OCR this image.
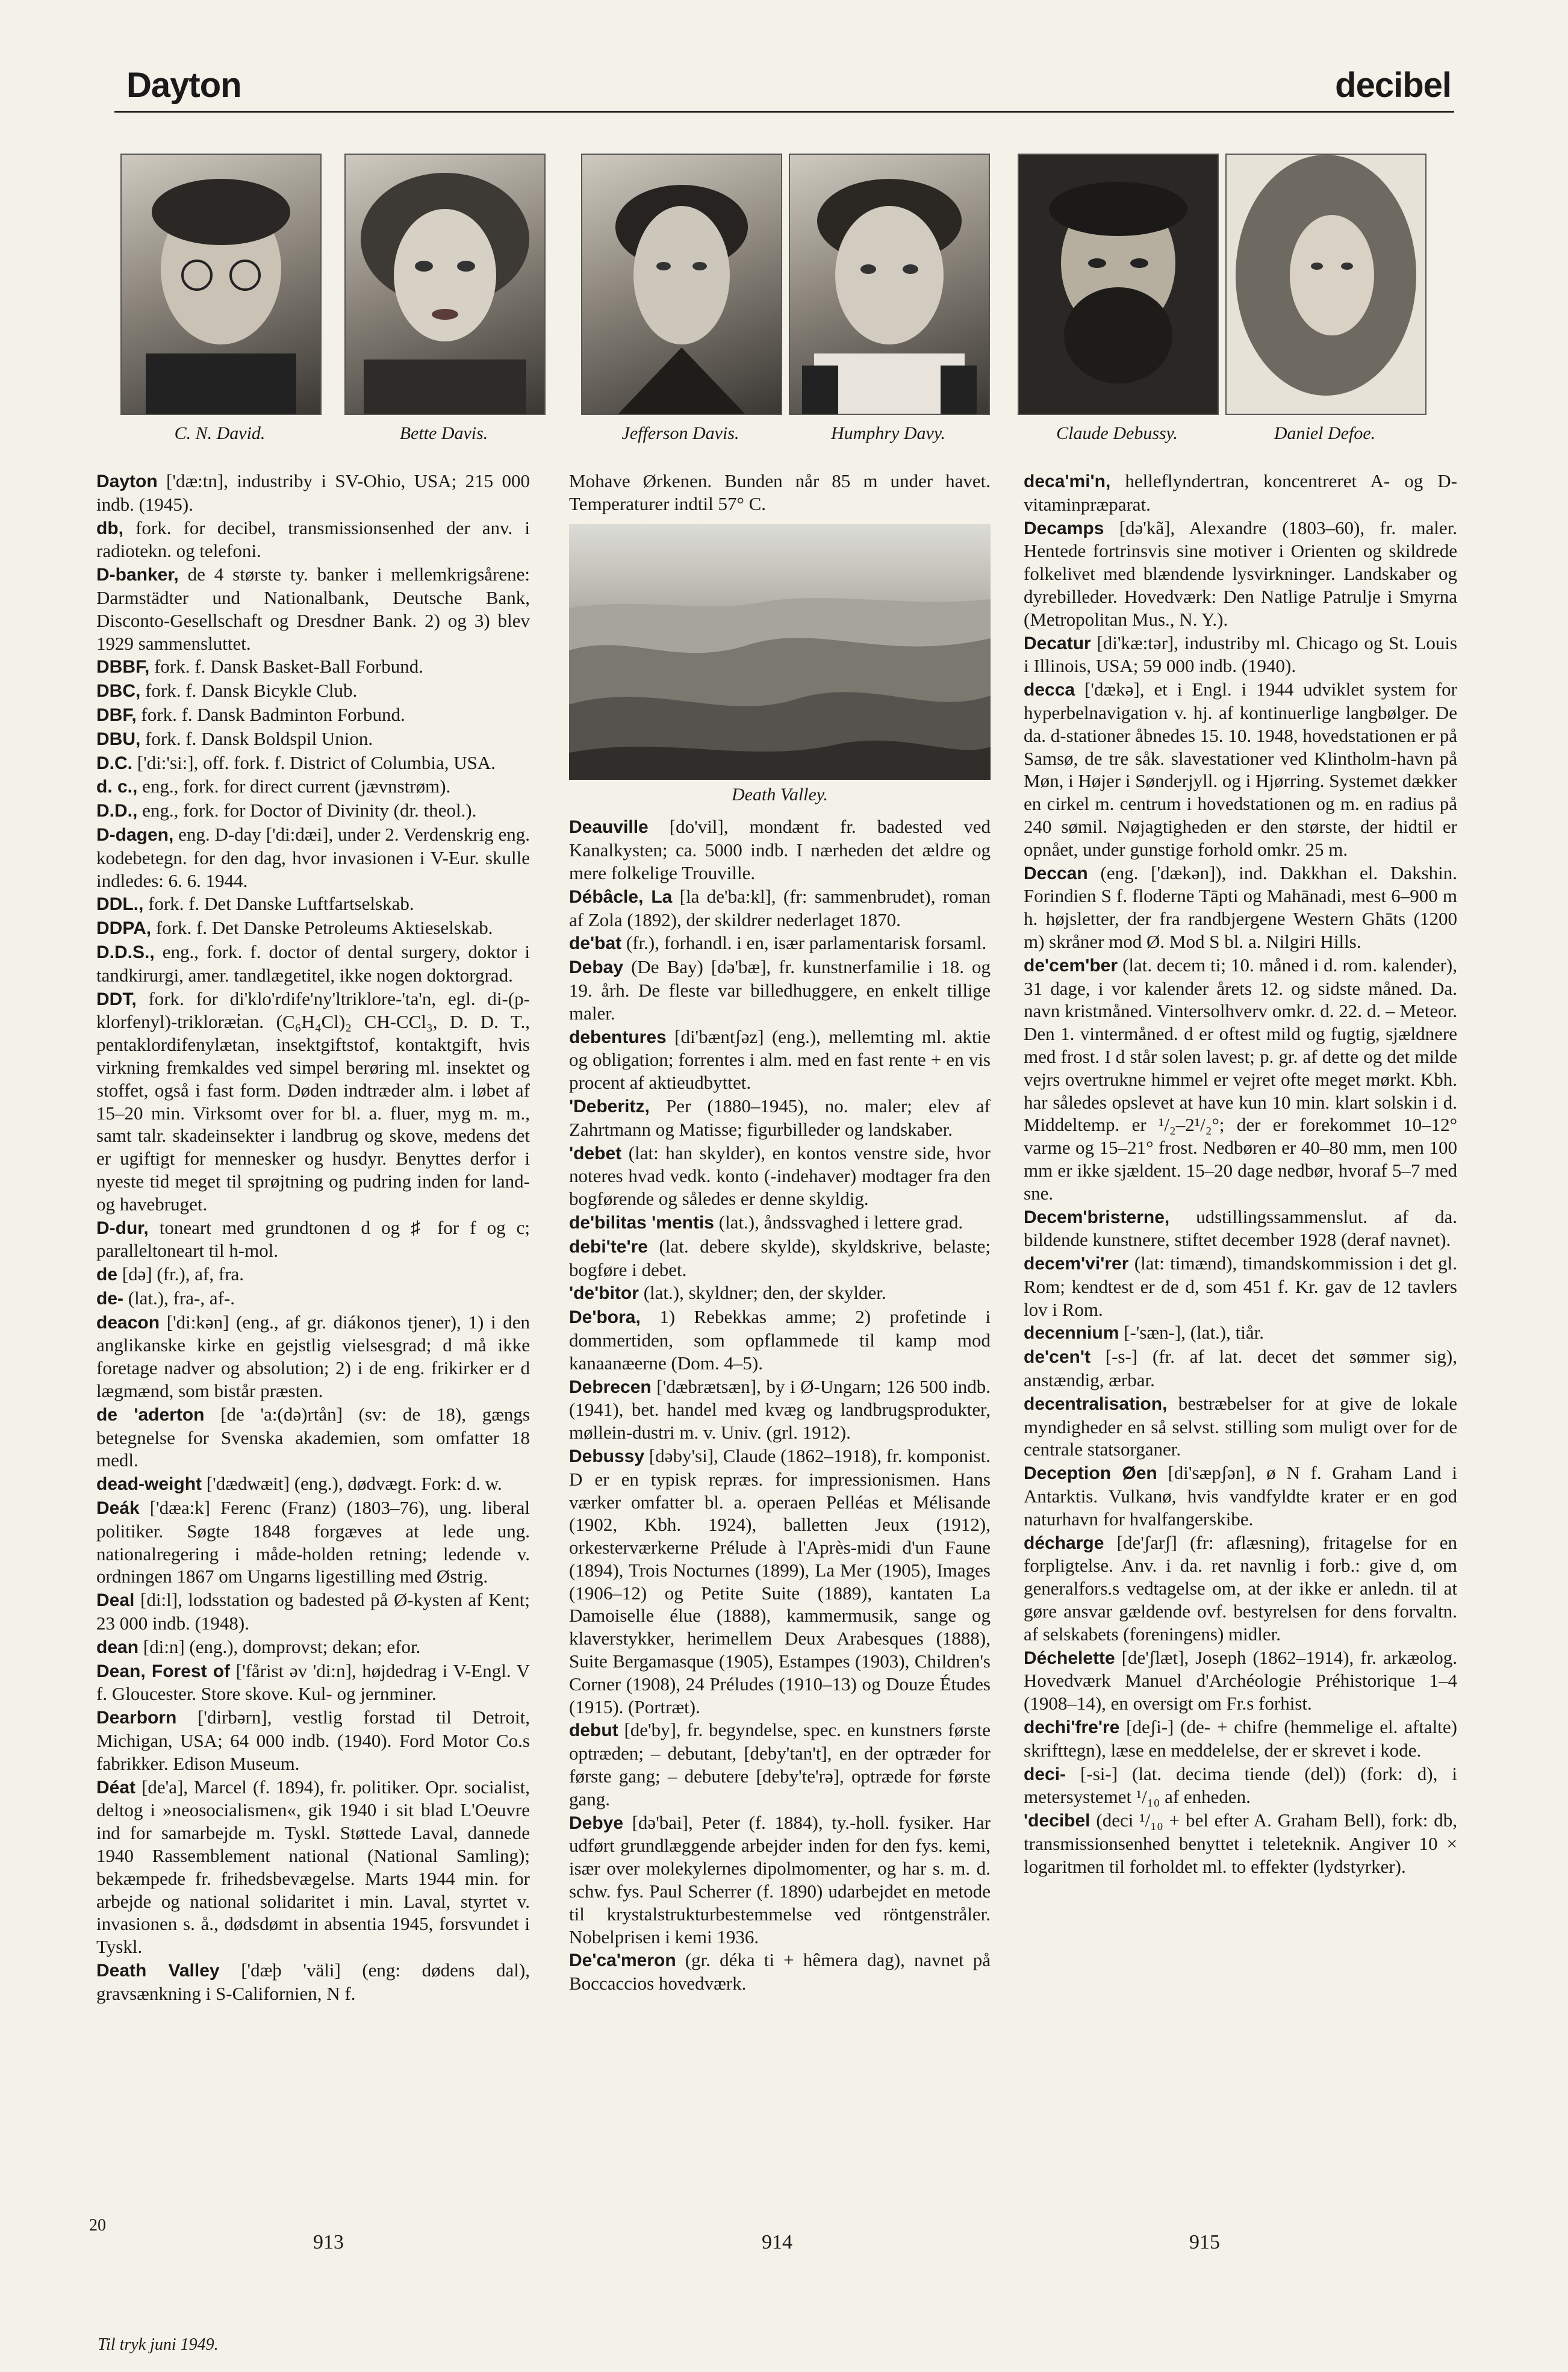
Dayton	decibel
C. N. David.	Bette Davis.	Jefferson Davis.	Humphry Davy.	Claude Debussy.	Daniel Defoe.
Dayton ['dæ:tn], industriby i SV-Ohio, USA; 215 000 indb. (1945).
db, fork. for decibel, transmissionsenhed der anv. i radiotekn. og telefoni.
D-banker, de 4 største ty. banker i mellemkrigsårene: Darmstädter und Nationalbank, Deutsche Bank, Disconto-Gesellschaft og Dresdner Bank. 2) og 3) blev 1929 sammensluttet.
DBBF, fork. f. Dansk Basket-Ball Forbund.
DBC, fork. f. Dansk Bicykle Club.
DBF, fork. f. Dansk Badminton Forbund.
DBU, fork. f. Dansk Boldspil Union.
D.C. ['di:'si:], off. fork. f. District of Columbia, USA.
d. c., eng., fork. for direct current (jævnstrøm).
D.D., eng., fork. for Doctor of Divinity (dr. theol.).
D-dagen, eng. D-day ['di:dæi], under 2. Verdenskrig eng. kodebetegn. for den dag, hvor invasionen i V-Eur. skulle indledes: 6. 6. 1944.
DDL., fork. f. Det Danske Luftfartselskab.
DDPA, fork. f. Det Danske Petroleums Aktieselskab.
D.D.S., eng., fork. f. doctor of dental surgery, doktor i tandkirurgi, amer. tandlægetitel, ikke nogen doktorgrad.
DDT, fork. for di'klo'rdife'ny'ltriklore-'ta'n, egl. di-(p-klorfenyl)-trikloræṫan. (C₆H₄Cl)₂ CH-CCl₃, D. D. T., pentaklordifenylætan, insektgiftstof, kontaktgift, hvis virkning fremkaldes ved simpel berøring ml. insektet og stoffet, også i fast form. Døden indtræder alm. i løbet af 15–20 min. Virksomt over for bl. a. fluer, myg m. m., samt talr. skadeinsekter i landbrug og skove, medens det er ugiftigt for mennesker og husdyr. Benyttes derfor i nyeste tid meget til sprøjtning og pudring inden for land- og havebruget.
D-dur, toneart med grundtonen d og ♯ for f og c; paralleltoneart til h-mol.
de [də] (fr.), af, fra.
de- (lat.), fra-, af-.
deacon ['di:kən] (eng., af gr. diákonos tjener), 1) i den anglikanske kirke en gejstlig vielsesgrad; d må ikke foretage nadver og absolution; 2) i de eng. frikirker er d lægmænd, som bistår præsten.
de 'aderton [de 'a:(də)rtån] (sv: de 18), gængs betegnelse for Svenska akademien, som omfatter 18 medl.
dead-weight ['dædwæit] (eng.), dødvægt. Fork: d. w.
Deák ['dæa:k] Ferenc (Franz) (1803–76), ung. liberal politiker. Søgte 1848 forgæves at lede ung. nationalregering i måde-holden retning; ledende v. ordningen 1867 om Ungarns ligestilling med Østrig.
Deal [di:l], lodsstation og badested på Ø-kysten af Kent; 23 000 indb. (1948).
dean [di:n] (eng.), domprovst; dekan; efor.
Dean, Forest of ['fårist əv 'di:n], højdedrag i V-Engl. V f. Gloucester. Store skove. Kul- og jernminer.
Dearborn ['dirbərn], vestlig forstad til Detroit, Michigan, USA; 64 000 indb. (1940). Ford Motor Co.s fabrikker. Edison Museum.
Déat [de'a], Marcel (f. 1894), fr. politiker. Opr. socialist, deltog i »neosocialismen«, gik 1940 i sit blad L'Oeuvre ind for samarbejde m. Tyskl. Støttede Laval, dannede 1940 Rassemblement national (National Samling); bekæmpede fr. frihedsbevægelse. Marts 1944 min. for arbejde og national solidaritet i min. Laval, styrtet v. invasionen s. å., dødsdømt in absentia 1945, forsvundet i Tyskl.
Death Valley ['dæþ 'väli] (eng: dødens dal), gravsænkning i S-Californien, N f.
Mohave Ørkenen. Bunden når 85 m under havet. Temperaturer indtil 57° C.
Death Valley.
Deauville [do'vil], mondænt fr. badested ved Kanalkysten; ca. 5000 indb. I nærheden det ældre og mere folkelige Trouville.
Débâcle, La [la de'ba:kl], (fr: sammenbrudet), roman af Zola (1892), der skildrer nederlaget 1870.
de'bat (fr.), forhandl. i en, især parlamentarisk forsaml.
Debay (De Bay) [də'bæ], fr. kunstnerfamilie i 18. og 19. årh. De fleste var billedhuggere, en enkelt tillige maler.
debentures [di'bæntʃəz] (eng.), mellemting ml. aktie og obligation; forrentes i alm. med en fast rente + en vis procent af aktieudbyttet.
'Deberitz, Per (1880–1945), no. maler; elev af Zahrtmann og Matisse; figurbilleder og landskaber.
'debet (lat: han skylder), en kontos venstre side, hvor noteres hvad vedk. konto (-indehaver) modtager fra den bogførende og således er denne skyldig.
de'bilitas 'mentis (lat.), åndssvaghed i lettere grad.
debi'te're (lat. debere skylde), skyldskrive, belaste; bogføre i debet.
'de'bitor (lat.), skyldner; den, der skylder.
De'bora, 1) Rebekkas amme; 2) profetinde i dommertiden, som opflammede til kamp mod kanaanæerne (Dom. 4–5).
Debrecen ['dæbrætsæn], by i Ø-Ungarn; 126 500 indb. (1941), bet. handel med kvæg og landbrugsprodukter, møllein-dustri m. v. Univ. (grl. 1912).
Debussy [dəby'si], Claude (1862–1918), fr. komponist. D er en typisk repræs. for impressionismen. Hans værker omfatter bl. a. operaen Pelléas et Mélisande (1902, Kbh. 1924), balletten Jeux (1912), orkesterværkerne Prélude à l'Après-midi d'un Faune (1894), Trois Nocturnes (1899), La Mer (1905), Images (1906–12) og Petite Suite (1889), kantaten La Damoiselle élue (1888), kammermusik, sange og klaverstykker, herimellem Deux Arabesques (1888), Suite Bergamasque (1905), Estampes (1903), Children's Corner (1908), 24 Préludes (1910–13) og Douze Études (1915). (Portræt).
debut [de'by], fr. begyndelse, spec. en kunstners første optræden; – debutant, [deby'tan't], en der optræder for første gang; – debutere [deby'te'rə], optræde for første gang.
Debye [də'bai], Peter (f. 1884), ty.-holl. fysiker. Har udført grundlæggende arbejder inden for den fys. kemi, især over molekylernes dipolmomenter, og har s. m. d. schw. fys. Paul Scherrer (f. 1890) udarbejdet en metode til krystalstrukturbestemmelse ved röntgenstråler. Nobelprisen i kemi 1936.
De'ca'meron (gr. déka ti + hêmera dag), navnet på Boccaccios hovedværk.
deca'mi'n, helleflyndertran, koncentreret A- og D-vitaminpræparat.
Decamps [də'kã], Alexandre (1803–60), fr. maler. Hentede fortrinsvis sine motiver i Orienten og skildrede folkelivet med blændende lysvirkninger. Landskaber og dyrebilleder. Hovedværk: Den Natlige Patrulje i Smyrna (Metropolitan Mus., N. Y.).
Decatur [di'kæ:tər], industriby ml. Chicago og St. Louis i Illinois, USA; 59 000 indb. (1940).
decca ['dækə], et i Engl. i 1944 udviklet system for hyperbelnavigation v. hj. af kontinuerlige langbølger. De da. d-stationer åbnedes 15. 10. 1948, hovedstationen er på Samsø, de tre såk. slavestationer ved Klintholm-havn på Møn, i Højer i Sønderjyll. og i Hjørring. Systemet dækker en cirkel m. centrum i hovedstationen og m. en radius på 240 sømil. Nøjagtigheden er den største, der hidtil er opnået, under gunstige forhold omkr. 25 m.
Deccan (eng. ['dækən]), ind. Dakkhan el. Dakshin. Forindien S f. floderne Tāpti og Mahānadi, mest 6–900 m h. højsletter, der fra randbjergene Western Ghāts (1200 m) skråner mod Ø. Mod S bl. a. Nilgiri Hills.
de'cem'ber (lat. decem ti; 10. måned i d. rom. kalender), 31 dage, i vor kalender årets 12. og sidste måned. Da. navn kristmåned. Vintersolhverv omkr. d. 22. d. – Meteor. Den 1. vintermåned. d er oftest mild og fugtig, sjældnere med frost. I d står solen lavest; p. gr. af dette og det milde vejrs overtrukne himmel er vejret ofte meget mørkt. Kbh. har således opslevet at have kun 10 min. klart solskin i d. Middeltemp. er ¹/₂–2¹/₂°; der er forekommet 10–12° varme og 15–21° frost. Nedbøren er 40–80 mm, men 100 mm er ikke sjældent. 15–20 dage nedbør, hvoraf 5–7 med sne.
Decem'bristerne, udstillingssammenslut. af da. bildende kunstnere, stiftet december 1928 (deraf navnet).
decem'vi'rer (lat: timænd), timandskommission i det gl. Rom; kendtest er de d, som 451 f. Kr. gav de 12 tavlers lov i Rom.
decennium [-'sæn-], (lat.), tiår.
de'cen't [-s-] (fr. af lat. decet det sømmer sig), anstændig, ærbar.
decentralisation, bestræbelser for at give de lokale myndigheder en så selvst. stilling som muligt over for de centrale statsorganer.
Deception Øen [di'sæpʃən], ø N f. Graham Land i Antarktis. Vulkanø, hvis vandfyldte krater er en god naturhavn for hvalfangerskibe.
décharge [de'ʃarʃ] (fr: aflæsning), fritagelse for en forpligtelse. Anv. i da. ret navnlig i forb.: give d, om generalfors.s vedtagelse om, at der ikke er anledn. til at gøre ansvar gældende ovf. bestyrelsen for dens forvaltn. af selskabets (foreningens) midler.
Déchelette [de'ʃlæt], Joseph (1862–1914), fr. arkæolog. Hovedværk Manuel d'Archéologie Préhistorique 1–4 (1908–14), en oversigt om Fr.s forhist.
dechi'fre're [deʃi-] (de- + chifre (hemmelige el. aftalte) skrifttegn), læse en meddelelse, der er skrevet i kode.
deci- [-si-] (lat. decima tiende (del)) (fork: d), i metersystemet ¹/₁₀ af enheden.
'decibel (deci ¹/₁₀ + bel efter A. Graham Bell), fork: db, transmissionsenhed benyttet i teleteknik. Angiver 10 × logaritmen til forholdet ml. to effekter (lydstyrker).
20
913	914	915
Til tryk juni 1949.
